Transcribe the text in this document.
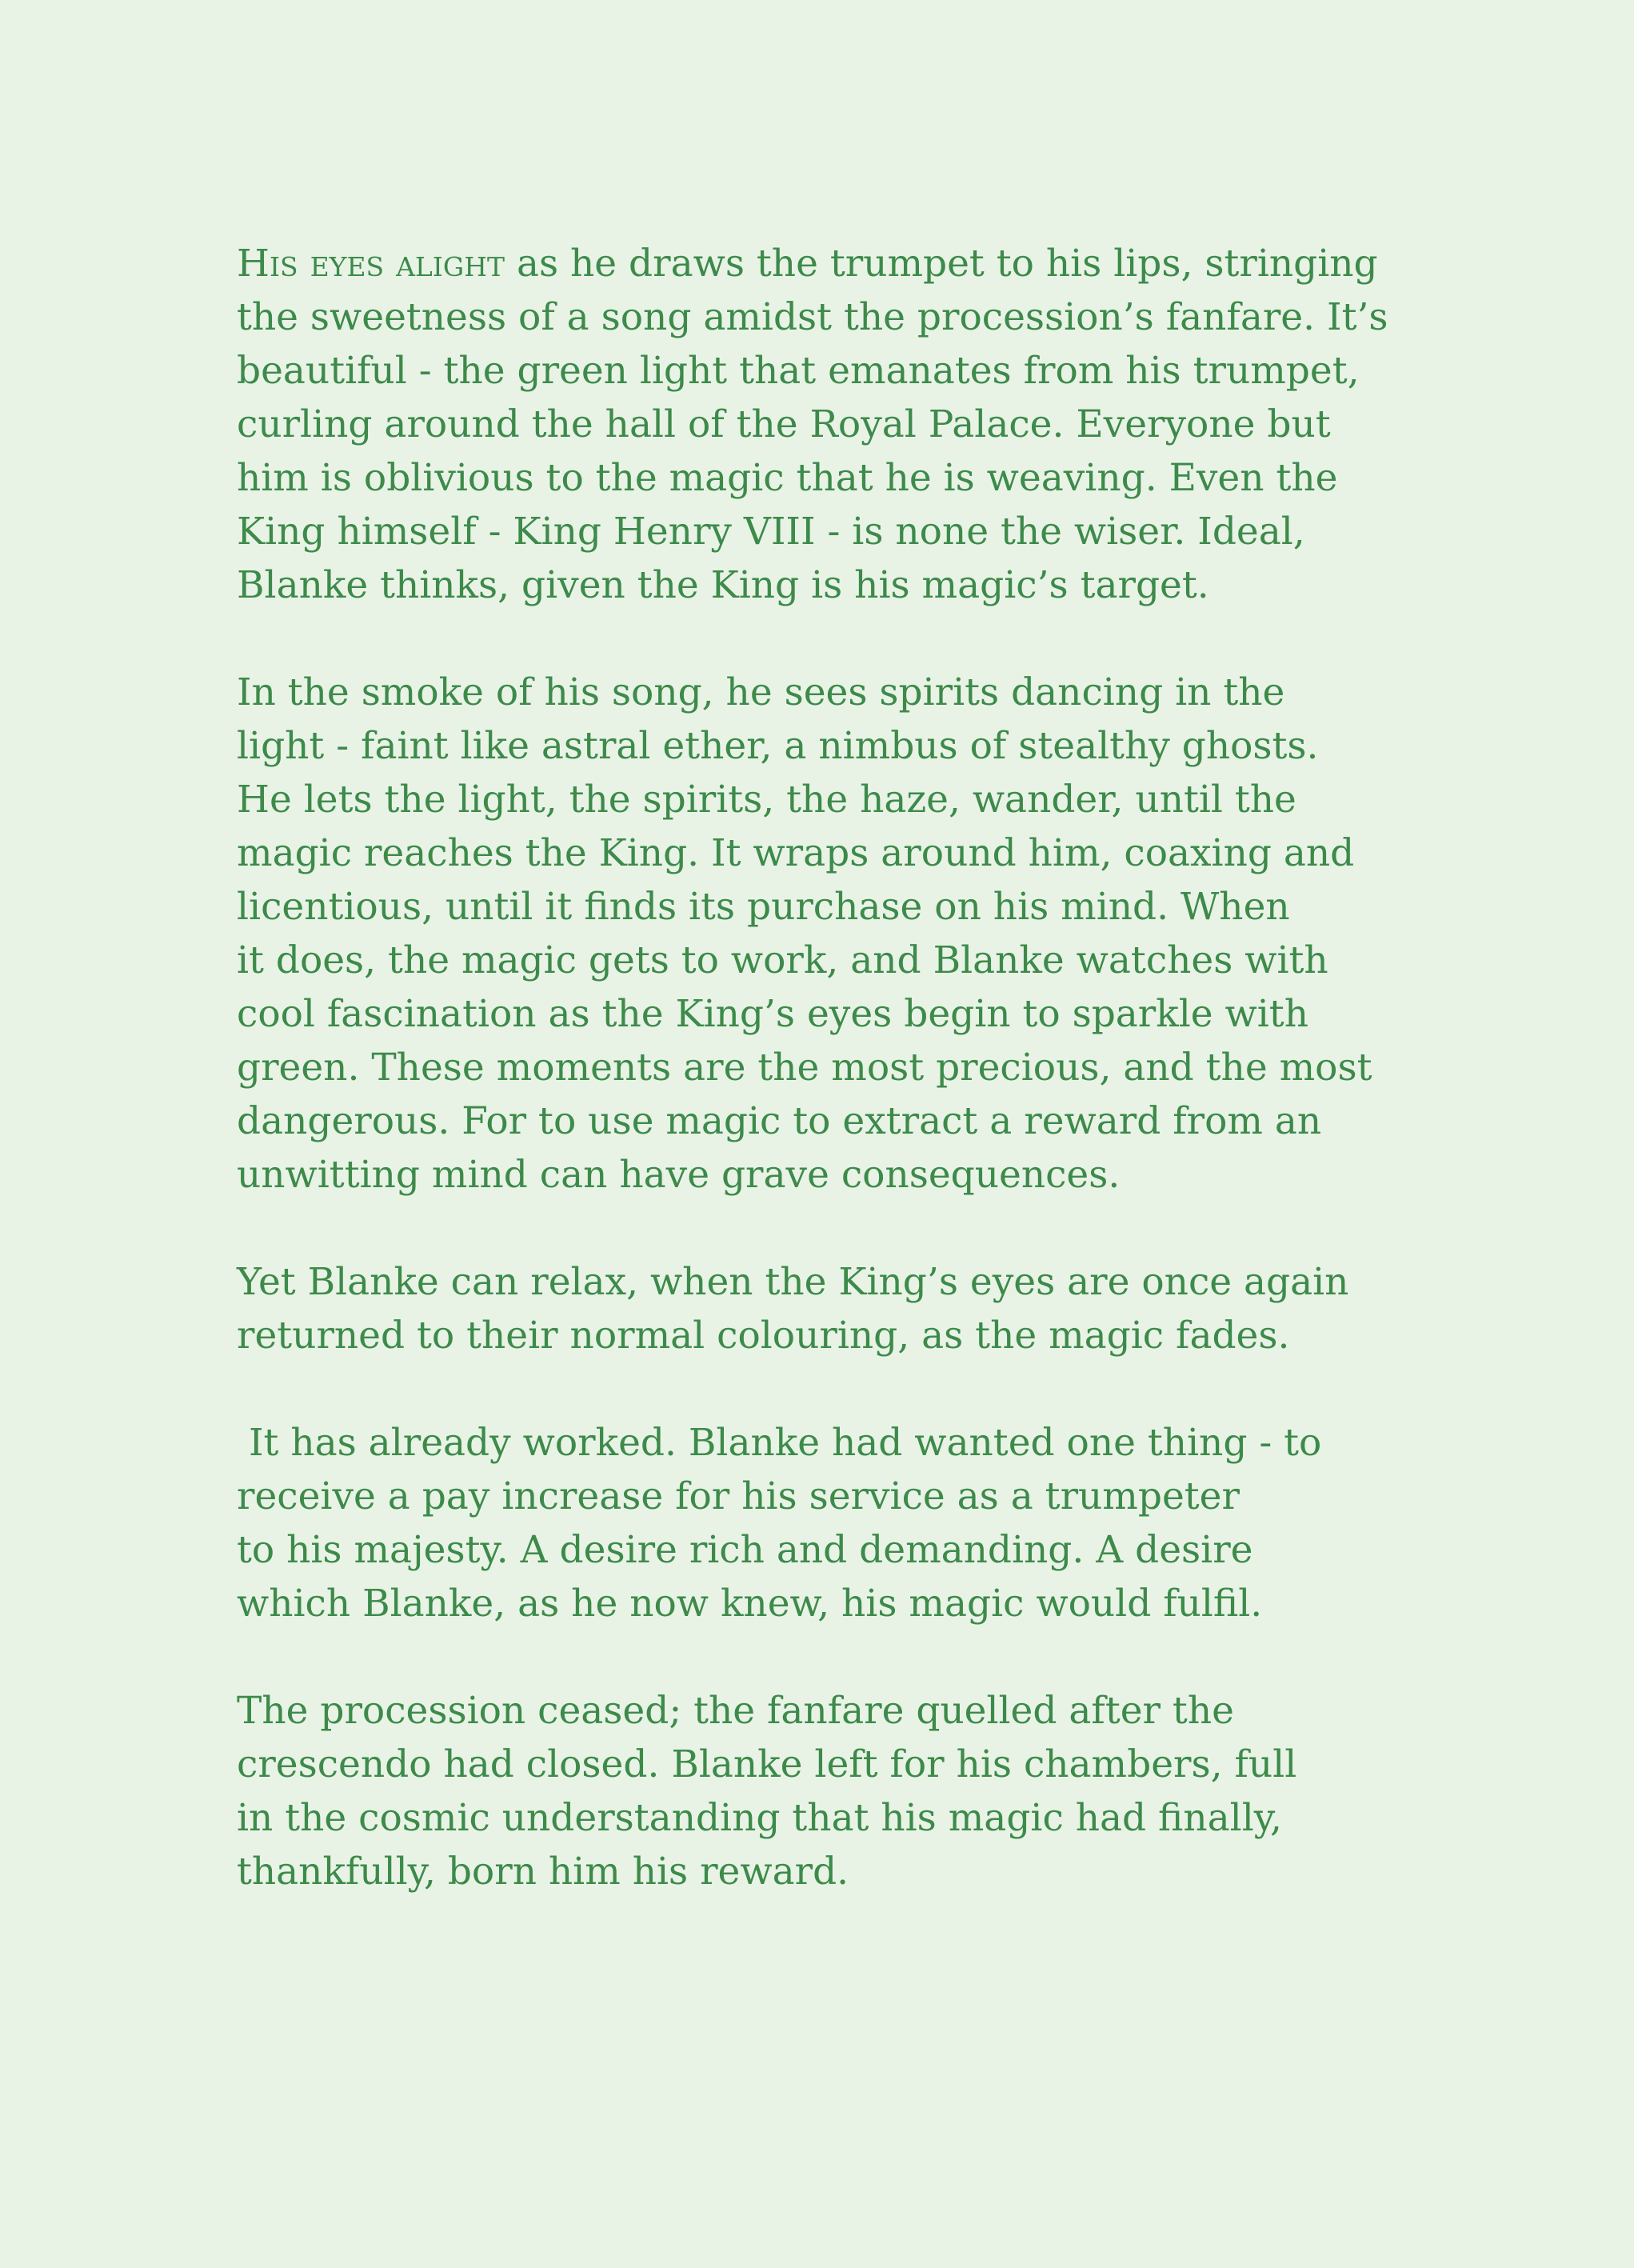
His eyes alight as he draws the trumpet to his lips, stringing
the sweetness of a song amidst the procession’s fanfare. It’s
beautiful - the green light that emanates from his trumpet,
curling around the hall of the Royal Palace. Everyone but
him is oblivious to the magic that he is weaving. Even the
King himself - King Henry VIII - is none the wiser. Ideal,
Blanke thinks, given the King is his magic’s target.

In the smoke of his song, he sees spirits dancing in the
light - faint like astral ether, a nimbus of stealthy ghosts.
He lets the light, the spirits, the haze, wander, until the
magic reaches the King. It wraps around him, coaxing and
licentious, until it finds its purchase on his mind. When
it does, the magic gets to work, and Blanke watches with
cool fascination as the King’s eyes begin to sparkle with
green. These moments are the most precious, and the most
dangerous. For to use magic to extract a reward from an
unwitting mind can have grave consequences.

Yet Blanke can relax, when the King’s eyes are once again
returned to their normal colouring, as the magic fades.

It has already worked. Blanke had wanted one thing - to
receive a pay increase for his service as a trumpeter
to his majesty. A desire rich and demanding. A desire
which Blanke, as he now knew, his magic would fulfil.

The procession ceased; the fanfare quelled after the
crescendo had closed. Blanke left for his chambers, full
in the cosmic understanding that his magic had finally,
thankfully, born him his reward.
